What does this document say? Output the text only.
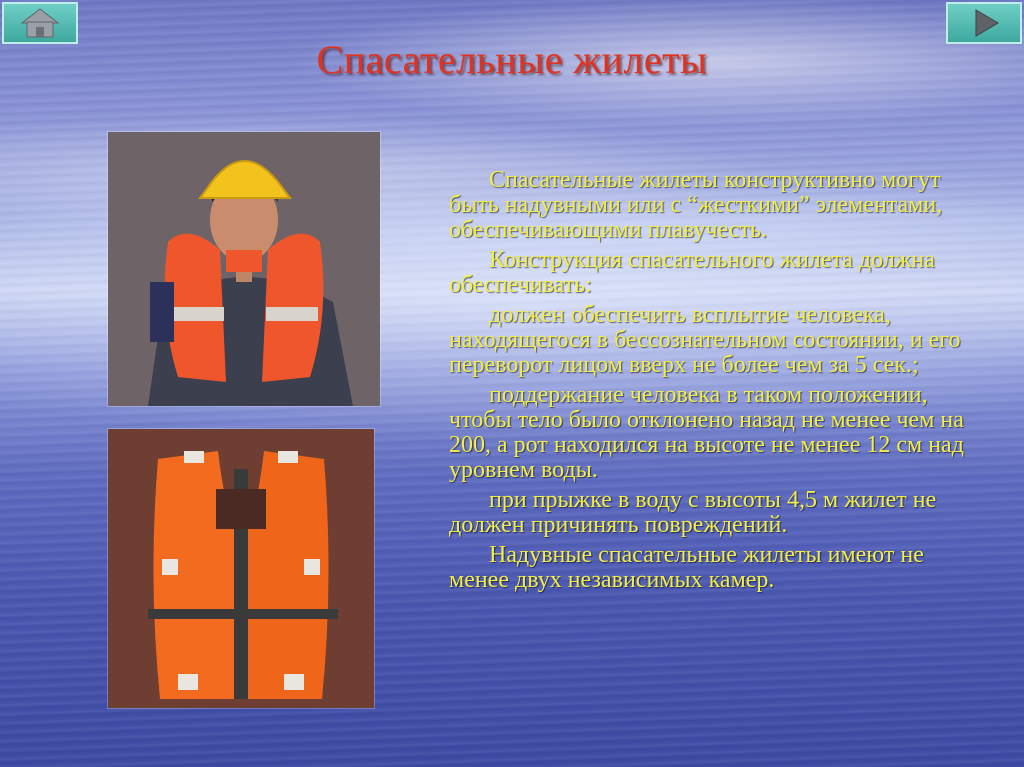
Спасательные жилеты

Спасательные жилеты конструктивно могут быть надувными или с “жесткими” элементами, обеспечивающими плавучесть.

Конструкция спасательного жилета должна обеспечивать:

должен обеспечить всплытие человека, находящегося в бессознательном состоянии, и его переворот лицом вверх не более чем за 5 сек.;

поддержание человека в таком положении, чтобы тело было отклонено назад не менее чем на 200, а рот находился на высоте не менее 12 см над уровнем воды.

при прыжке в воду с высоты 4,5 м жилет не должен причинять повреждений.

Надувные спасательные жилеты имеют не менее двух независимых камер.
